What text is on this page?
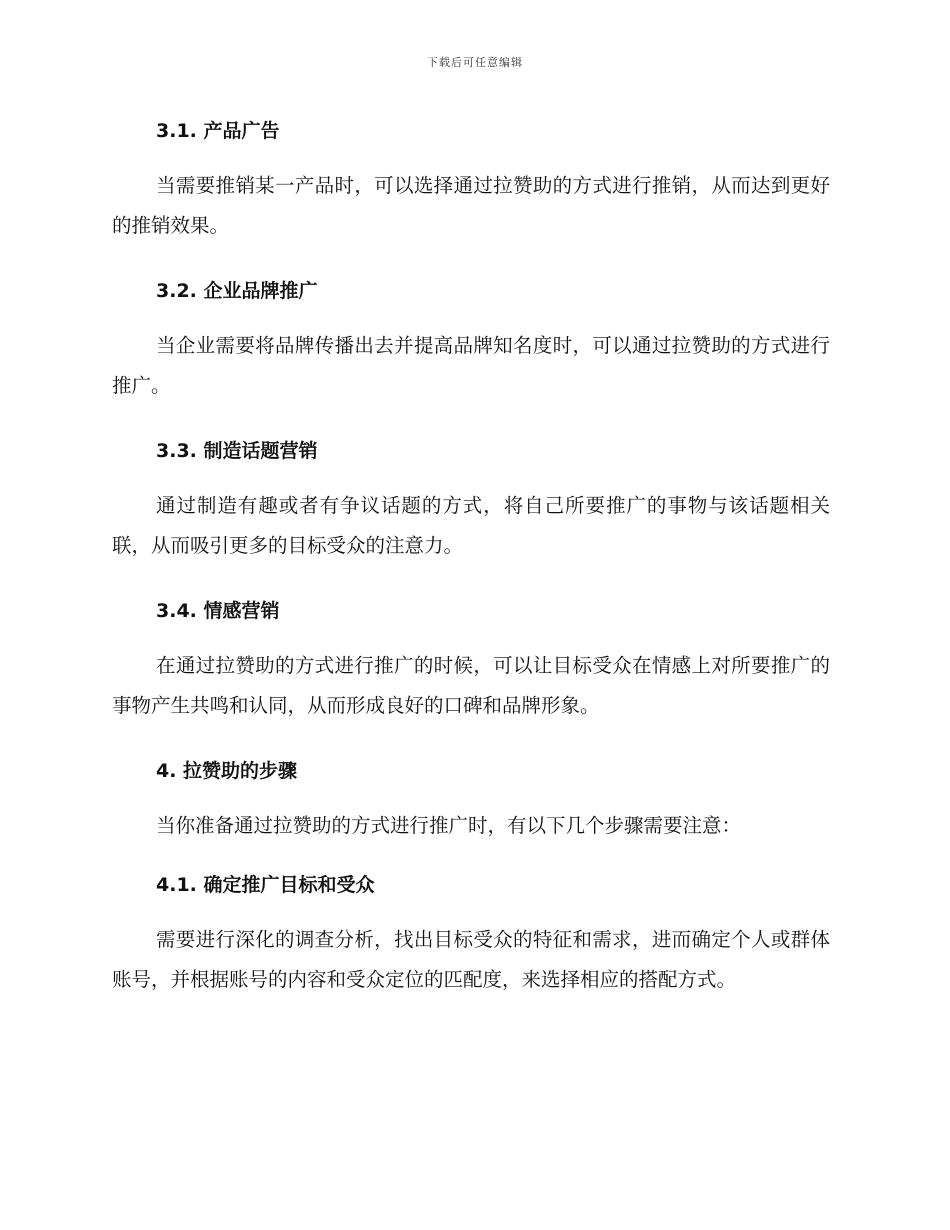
下载后可任意编辑
3.1. 产品广告
当需要推销某一产品时，可以选择通过拉赞助的方式进行推销，从而达到更好的推销效果。
3.2. 企业品牌推广
当企业需要将品牌传播出去并提高品牌知名度时，可以通过拉赞助的方式进行推广。
3.3. 制造话题营销
通过制造有趣或者有争议话题的方式，将自己所要推广的事物与该话题相关联，从而吸引更多的目标受众的注意力。
3.4. 情感营销
在通过拉赞助的方式进行推广的时候，可以让目标受众在情感上对所要推广的事物产生共鸣和认同，从而形成良好的口碑和品牌形象。
4. 拉赞助的步骤
当你准备通过拉赞助的方式进行推广时，有以下几个步骤需要注意：
4.1. 确定推广目标和受众
需要进行深化的调查分析，找出目标受众的特征和需求，进而确定个人或群体账号，并根据账号的内容和受众定位的匹配度，来选择相应的搭配方式。
